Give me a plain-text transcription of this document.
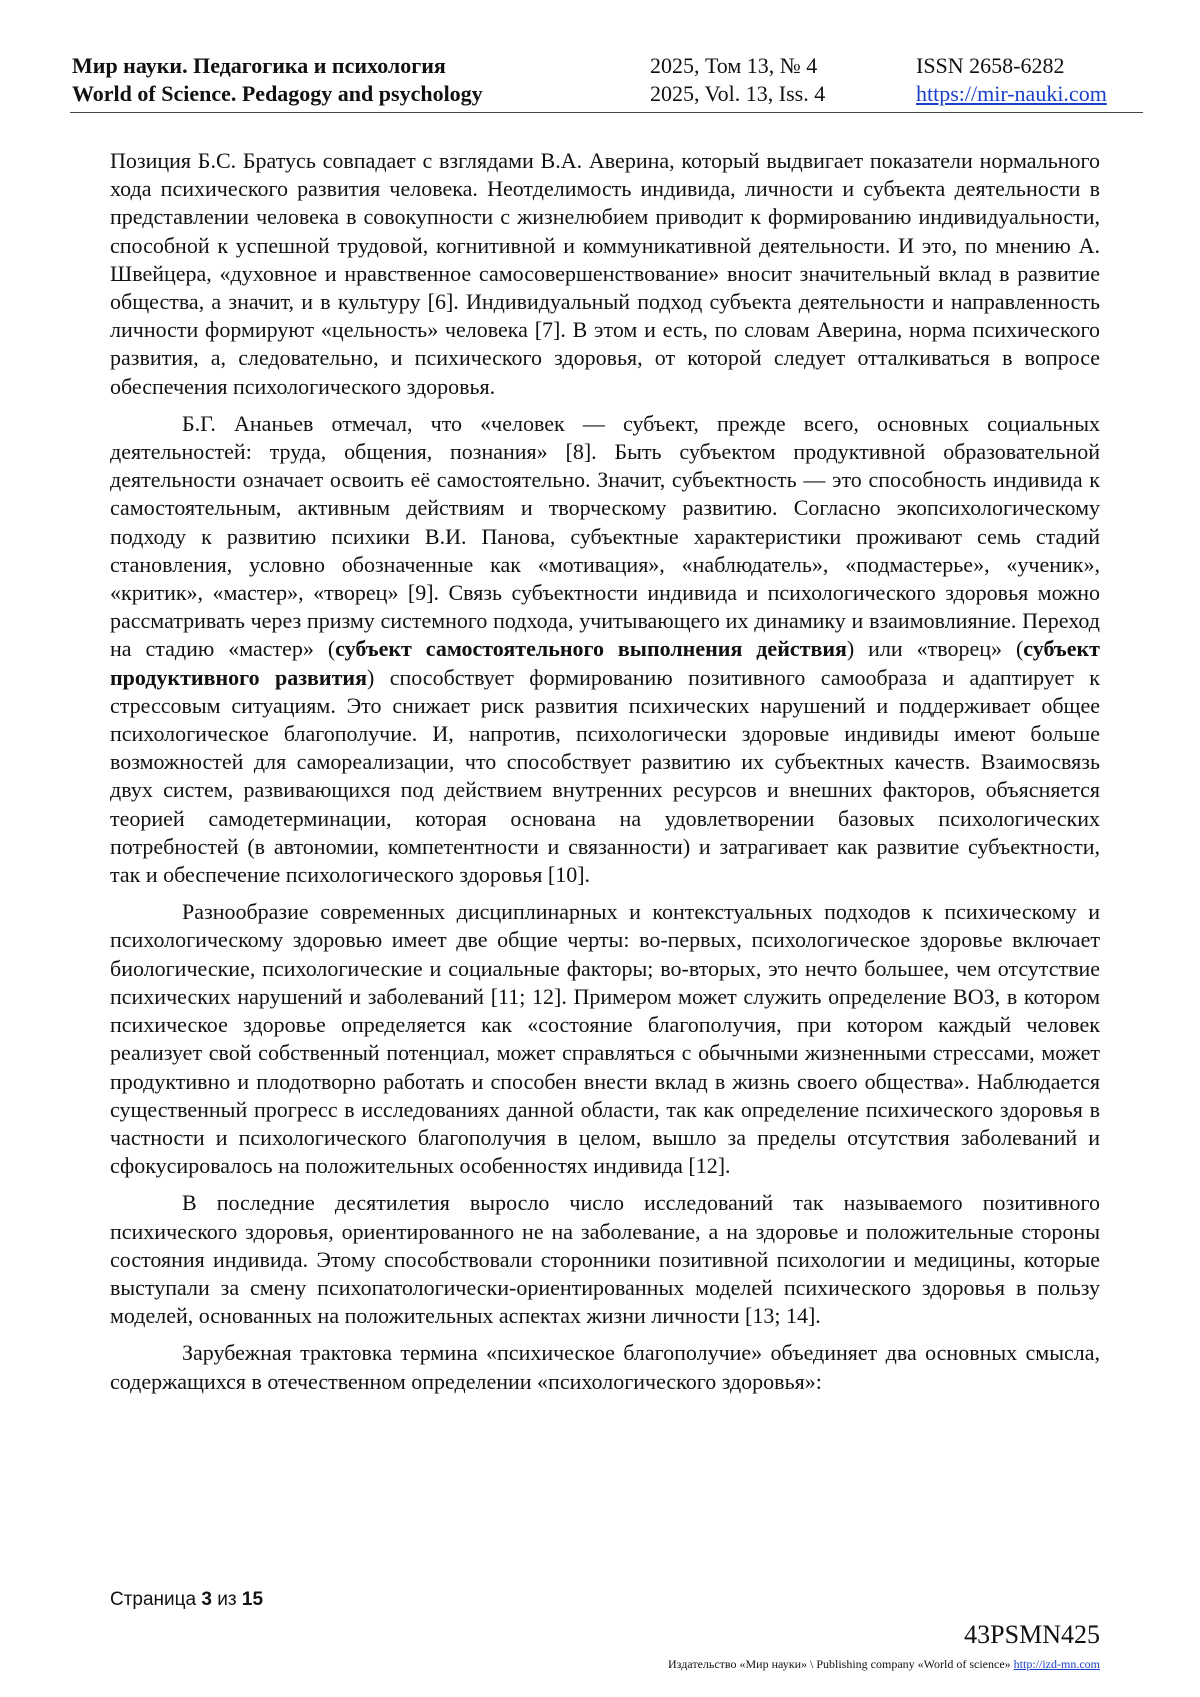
Мир науки. Педагогика и психология
World of Science. Pedagogy and psychology
2025, Том 13, № 4
2025, Vol. 13, Iss. 4
ISSN 2658-6282
https://mir-nauki.com

Позиция Б.С. Братусь совпадает с взглядами В.А. Аверина, который выдвигает показатели нормального хода психического развития человека. Неотделимость индивида, личности и субъекта деятельности в представлении человека в совокупности с жизнелюбием приводит к формированию индивидуальности, способной к успешной трудовой, когнитивной и коммуникативной деятельности. И это, по мнению А. Швейцера, «духовное и нравственное самосовершенствование» вносит значительный вклад в развитие общества, а значит, и в культуру [6]. Индивидуальный подход субъекта деятельности и направленность личности формируют «цельность» человека [7]. В этом и есть, по словам Аверина, норма психического развития, а, следовательно, и психического здоровья, от которой следует отталкиваться в вопросе обеспечения психологического здоровья.

Б.Г. Ананьев отмечал, что «человек — субъект, прежде всего, основных социальных деятельностей: труда, общения, познания» [8]. Быть субъектом продуктивной образовательной деятельности означает освоить её самостоятельно. Значит, субъектность — это способность индивида к самостоятельным, активным действиям и творческому развитию. Согласно экопсихологическому подходу к развитию психики В.И. Панова, субъектные характеристики проживают семь стадий становления, условно обозначенные как «мотивация», «наблюдатель», «подмастерье», «ученик», «критик», «мастер», «творец» [9]. Связь субъектности индивида и психологического здоровья можно рассматривать через призму системного подхода, учитывающего их динамику и взаимовлияние. Переход на стадию «мастер» (субъект самостоятельного выполнения действия) или «творец» (субъект продуктивного развития) способствует формированию позитивного самообраза и адаптирует к стрессовым ситуациям. Это снижает риск развития психических нарушений и поддерживает общее психологическое благополучие. И, напротив, психологически здоровые индивиды имеют больше возможностей для самореализации, что способствует развитию их субъектных качеств. Взаимосвязь двух систем, развивающихся под действием внутренних ресурсов и внешних факторов, объясняется теорией самодетерминации, которая основана на удовлетворении базовых психологических потребностей (в автономии, компетентности и связанности) и затрагивает как развитие субъектности, так и обеспечение психологического здоровья [10].

Разнообразие современных дисциплинарных и контекстуальных подходов к психическому и психологическому здоровью имеет две общие черты: во-первых, психологическое здоровье включает биологические, психологические и социальные факторы; во-вторых, это нечто большее, чем отсутствие психических нарушений и заболеваний [11; 12]. Примером может служить определение ВОЗ, в котором психическое здоровье определяется как «состояние благополучия, при котором каждый человек реализует свой собственный потенциал, может справляться с обычными жизненными стрессами, может продуктивно и плодотворно работать и способен внести вклад в жизнь своего общества». Наблюдается существенный прогресс в исследованиях данной области, так как определение психического здоровья в частности и психологического благополучия в целом, вышло за пределы отсутствия заболеваний и сфокусировалось на положительных особенностях индивида [12].

В последние десятилетия выросло число исследований так называемого позитивного психического здоровья, ориентированного не на заболевание, а на здоровье и положительные стороны состояния индивида. Этому способствовали сторонники позитивной психологии и медицины, которые выступали за смену психопатологически-ориентированных моделей психического здоровья в пользу моделей, основанных на положительных аспектах жизни личности [13; 14].

Зарубежная трактовка термина «психическое благополучие» объединяет два основных смысла, содержащихся в отечественном определении «психологического здоровья»:

Страница 3 из 15
43PSMN425
Издательство «Мир науки» \ Publishing company «World of science» http://izd-mn.com
